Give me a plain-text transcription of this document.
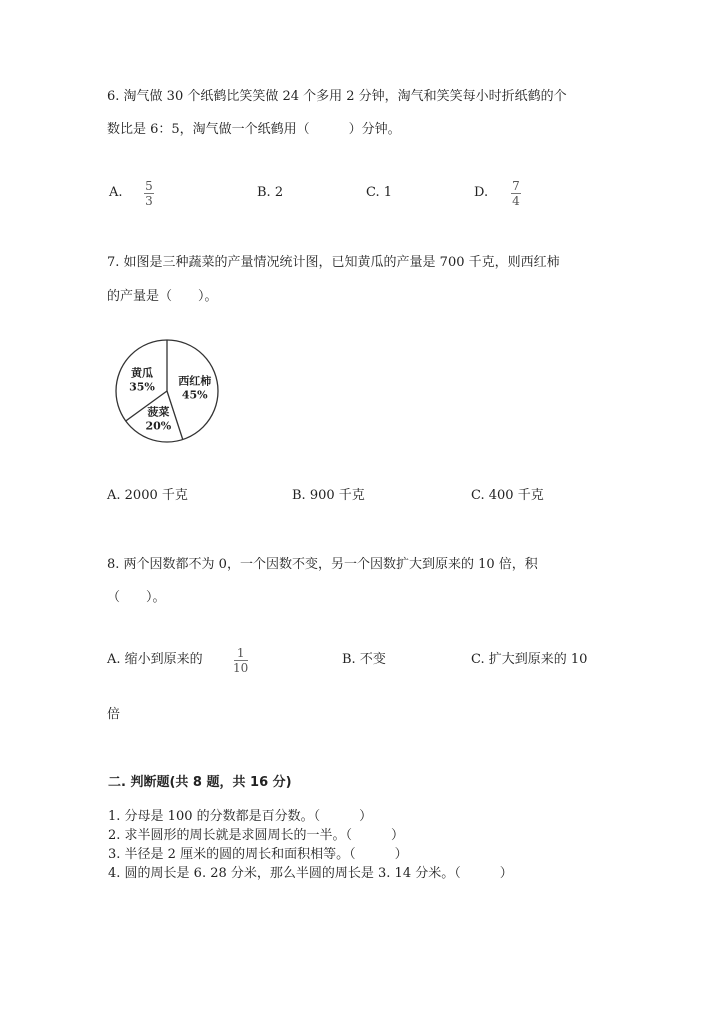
6. 淘气做 30 个纸鹤比笑笑做 24 个多用 2 分钟，淘气和笑笑每小时折纸鹤的个
数比是 6：5，淘气做一个纸鹤用（　　　）分钟。
A. 5
3
B. 2	C. 1	D. 7
4
7. 如图是三种蔬菜的产量情况统计图，已知黄瓜的产量是 700 千克，则西红柿
的产量是（　　）。
西红柿
45%
菠菜
20%
黄瓜
35%
A. 2000 千克	B. 900 千克	C. 400 千克
8. 两个因数都不为 0，一个因数不变，另一个因数扩大到原来的 10 倍，积
（　　）。
A. 缩小到原来的	1
10
B. 不变	C. 扩大到原来的 10
倍
二. 判断题(共 8 题，共 16 分)
1. 分母是 100 的分数都是百分数。（　　　）
2. 求半圆形的周长就是求圆周长的一半。（　　　）
3. 半径是 2 厘米的圆的周长和面积相等。（　　　）
4. 圆的周长是 6. 28 分米，那么半圆的周长是 3. 14 分米。（　　　）
